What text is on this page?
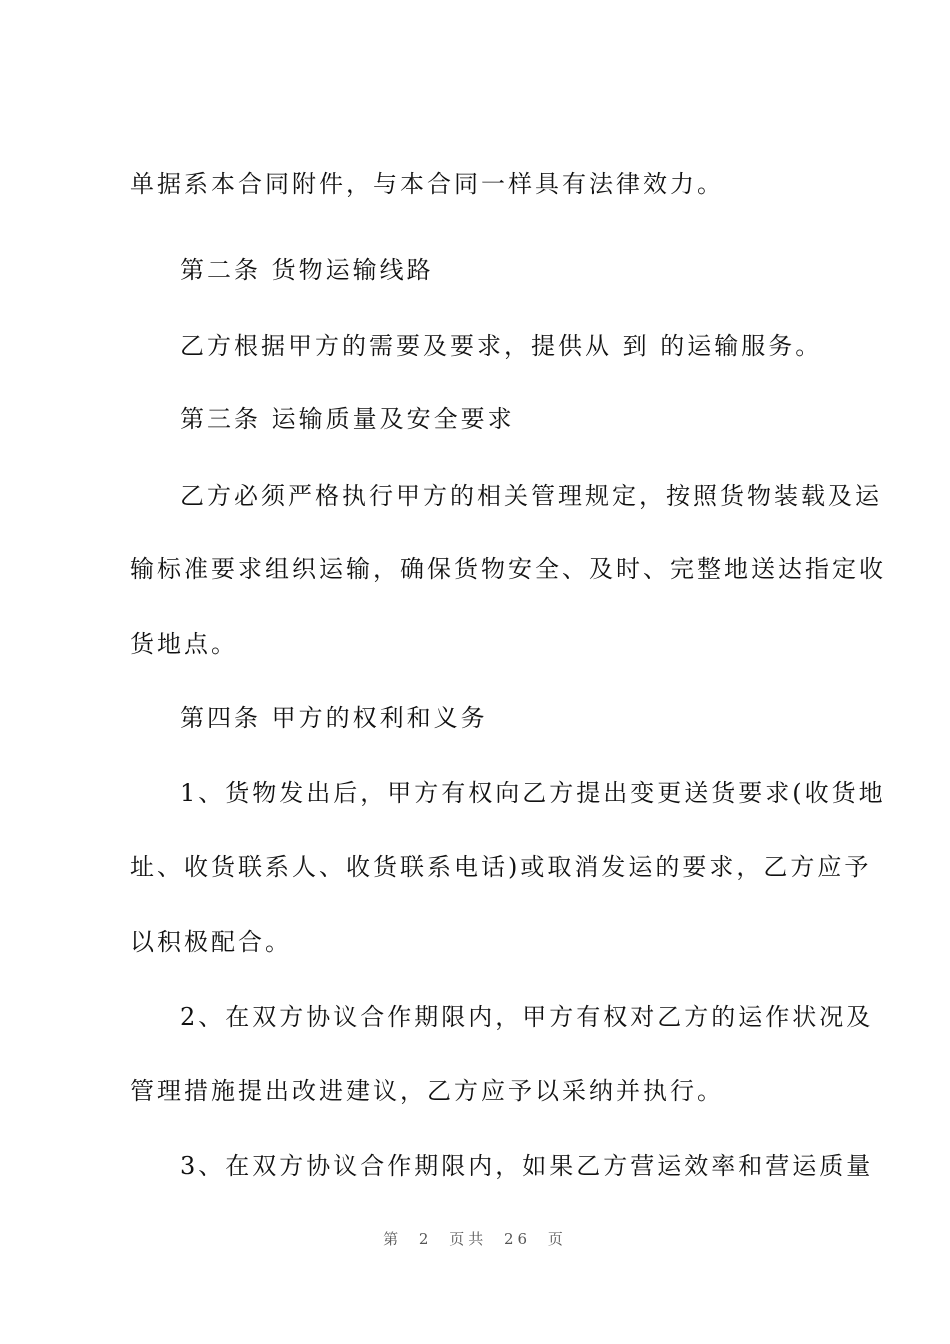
单据系本合同附件，与本合同一样具有法律效力。
第二条 货物运输线路
乙方根据甲方的需要及要求，提供从 到 的运输服务。
第三条 运输质量及安全要求
乙方必须严格执行甲方的相关管理规定，按照货物装载及运
输标准要求组织运输，确保货物安全、及时、完整地送达指定收
货地点。
第四条 甲方的权利和义务
1、货物发出后，甲方有权向乙方提出变更送货要求(收货地
址、收货联系人、收货联系电话)或取消发运的要求，乙方应予
以积极配合。
2、在双方协议合作期限内，甲方有权对乙方的运作状况及
管理措施提出改进建议，乙方应予以采纳并执行。
3、在双方协议合作期限内，如果乙方营运效率和营运质量
第 2 页共 26 页
